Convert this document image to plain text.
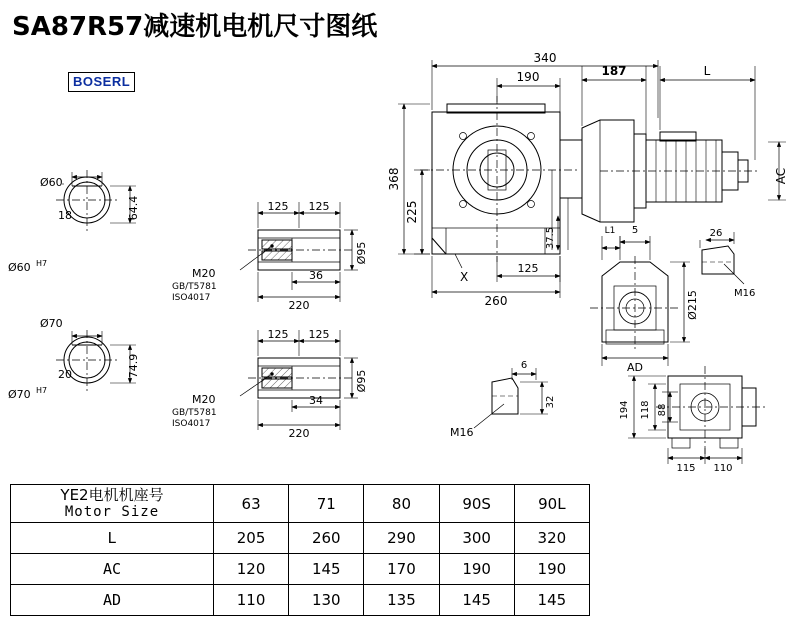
SA87R57减速机电机尺寸图纸
BOSERL
Ø60
18	64.4
Ø60 H7
Ø70
20	74.9
Ø70 H7
125 125
36
220
Ø95
M20
GB/T5781
ISO4017
125 125
34
220
Ø95
M20
GB/T5781
ISO4017
340
190	187	L
368
225
37.5
260
125
X
AC
26
M16
L1 5
Ø215
AD
6
32
M16
194 118 88
115 110
YE2电机机座号
Motor Size	63	71	80	90S	90L
L	205	260	290	300	320
AC	120	145	170	190	190
AD	110	130	135	145	145
